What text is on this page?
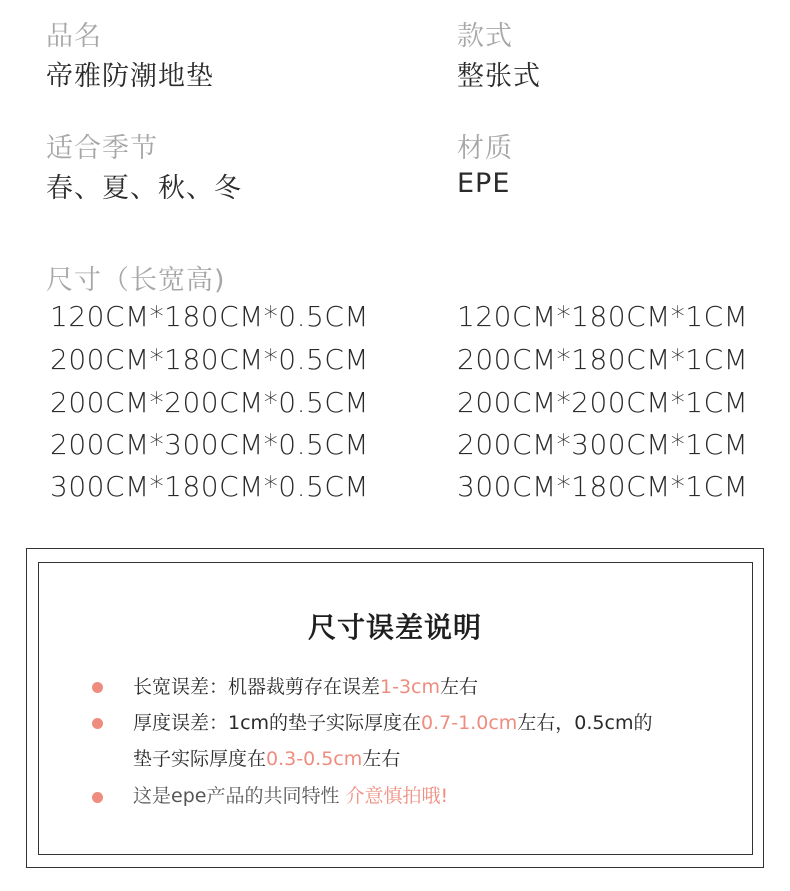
品名
帝雅防潮地垫
款式
整张式
适合季节
春、夏、秋、冬
材质
EPE
尺寸（长宽高)
120CM*180CM*0.5CM
200CM*180CM*0.5CM
200CM*200CM*0.5CM
200CM*300CM*0.5CM
300CM*180CM*0.5CM
120CM*180CM*1CM
200CM*180CM*1CM
200CM*200CM*1CM
200CM*300CM*1CM
300CM*180CM*1CM
尺寸误差说明
长宽误差：机器裁剪存在误差1-3cm左右
厚度误差：1cm的垫子实际厚度在0.7-1.0cm左右，0.5cm的
垫子实际厚度在0.3-0.5cm左右
这是epe产品的共同特性 介意慎拍哦!
